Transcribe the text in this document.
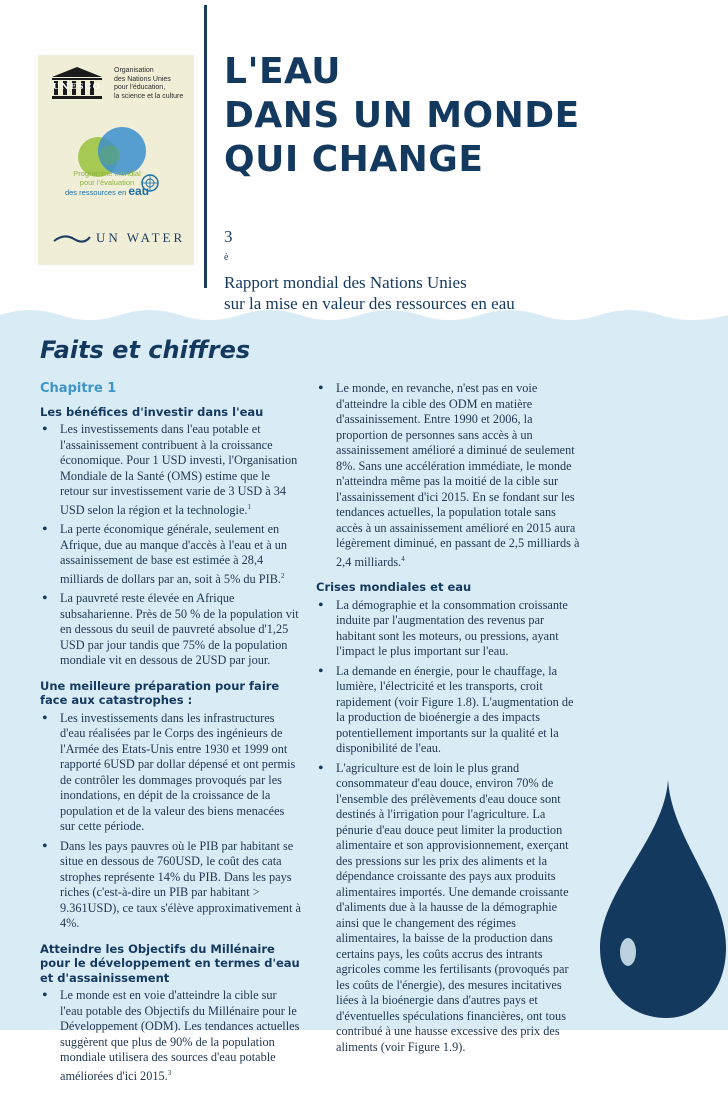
UNESCO
Organisation
des Nations Unies
pour l'éducation,
la science et la culture
Programme mondial
pour l'évaluation
des ressources en eau
UN WATER
L'EAU
DANS UN MONDE
QUI CHANGE
3
$^è$
Rapport mondial des Nations Unies
sur la mise en valeur des ressources en eau
Faits et chiffres
Chapitre 1
Les bénéfices d'investir dans l'eau
• Les investissements dans l'eau potable et l'assainissement contribuent à la croissance économique. Pour 1 USD investi, l'Organisation Mondiale de la Santé (OMS) estime que le retour sur investissement varie de 3 USD à 34 USD selon la région et la technologie.$^1$
• La perte économique générale, seulement en Afrique, due au manque d'accès à l'eau et à un assainissement de base est estimée à 28,4 milliards de dollars par an, soit à 5% du PIB.$^2$
• La pauvreté reste élevée en Afrique subsaharienne. Près de 50 % de la population vit en dessous du seuil de pauvreté absolue d'1,25 USD par jour tandis que 75% de la population mondiale vit en dessous de 2USD par jour.
Une meilleure préparation pour faire face aux catastrophes :
• Les investissements dans les infrastructures d'eau réalisées par le Corps des ingénieurs de l'Armée des Etats-Unis entre 1930 et 1999 ont rapporté 6USD par dollar dépensé et ont permis de contrôler les dommages provoqués par les inondations, en dépit de la croissance de la population et de la valeur des biens menacées sur cette période.
• Dans les pays pauvres où le PIB par habitant se situe en dessous de 760USD, le coût des cata strophes représente 14% du PIB. Dans les pays riches (c'est-à-dire un PIB par habitant > 9.361USD), ce taux s'élève approximativement à 4%.
Atteindre les Objectifs du Millénaire pour le développement en termes d'eau et d'assainissement
• Le monde est en voie d'atteindre la cible sur l'eau potable des Objectifs du Millénaire pour le Développement (ODM). Les tendances actuelles suggèrent que plus de 90% de la population mondiale utilisera des sources d'eau potable améliorées d'ici 2015.$^3$
• Le monde, en revanche, n'est pas en voie d'atteindre la cible des ODM en matière d'assainissement. Entre 1990 et 2006, la proportion de personnes sans accès à un assainissement amélioré a diminué de seulement 8%. Sans une accélération immédiate, le monde n'atteindra même pas la moitié de la cible sur l'assainissement d'ici 2015. En se fondant sur les tendances actuelles, la population totale sans accès à un assainissement amélioré en 2015 aura légèrement diminué, en passant de 2,5 milliards à 2,4 milliards.$^4$
Crises mondiales et eau
• La démographie et la consommation croissante induite par l'augmentation des revenus par habitant sont les moteurs, ou pressions, ayant l'impact le plus important sur l'eau.
• La demande en énergie, pour le chauffage, la lumière, l'électricité et les transports, croit rapidement (voir Figure 1.8). L'augmentation de la production de bioénergie a des impacts potentiellement importants sur la qualité et la disponibilité de l'eau.
• L'agriculture est de loin le plus grand consommateur d'eau douce, environ 70% de l'ensemble des prélèvements d'eau douce sont destinés à l'irrigation pour l'agriculture. La pénurie d'eau douce peut limiter la production alimentaire et son approvisionnement, exerçant des pressions sur les prix des aliments et la dépendance croissante des pays aux produits alimentaires importés. Une demande croissante d'aliments due à la hausse de la démographie ainsi que le changement des régimes alimentaires, la baisse de la production dans certains pays, les coûts accrus des intrants agricoles comme les fertilisants (provoqués par les coûts de l'énergie), des mesures incitatives liées à la bioénergie dans d'autres pays et d'éventuelles spéculations financières, ont tous contribué à une hausse excessive des prix des aliments (voir Figure 1.9).
